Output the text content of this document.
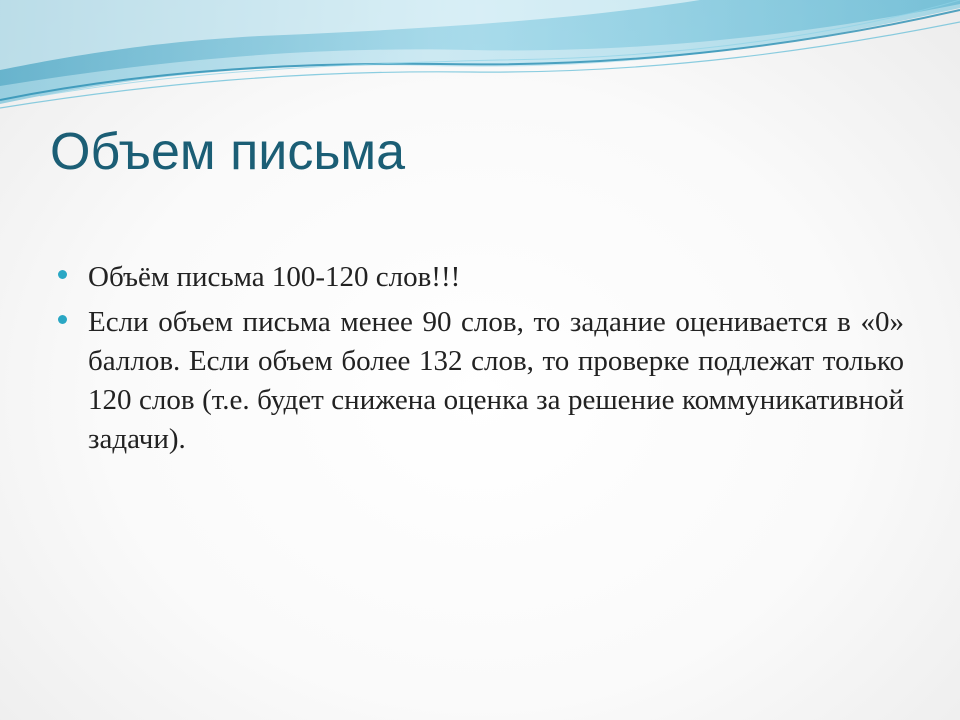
Объем письма
Объём письма 100-120 слов!!!
Если объем письма менее 90 слов, то задание оценивается в «0» баллов. Если объем более 132 слов, то проверке подлежат только 120 слов (т.е. будет снижена оценка за решение коммуникативной задачи).
